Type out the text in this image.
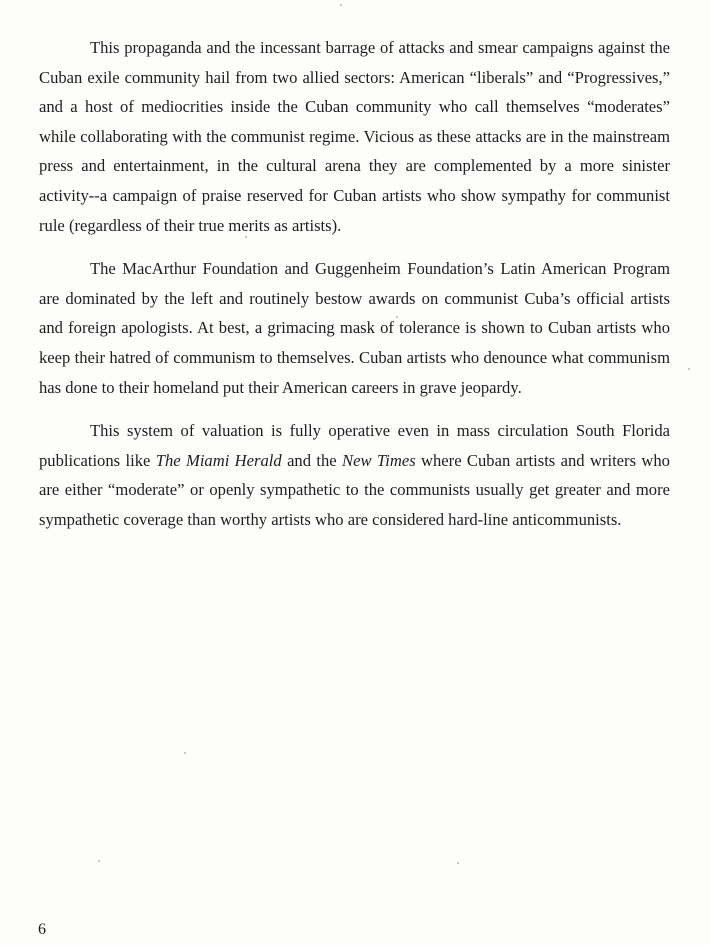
This propaganda and the incessant barrage of attacks and smear campaigns against the Cuban exile community hail from two allied sectors: American “liberals” and “Progressives,” and a host of mediocrities inside the Cuban community who call themselves “moderates” while collaborating with the communist regime. Vicious as these attacks are in the mainstream press and entertainment, in the cultural arena they are complemented by a more sinister activity--a campaign of praise reserved for Cuban artists who show sympathy for communist rule (regardless of their true merits as artists).

The MacArthur Foundation and Guggenheim Foundation’s Latin American Program are dominated by the left and routinely bestow awards on communist Cuba’s official artists and foreign apologists. At best, a grimacing mask of tolerance is shown to Cuban artists who keep their hatred of communism to themselves. Cuban artists who denounce what communism has done to their homeland put their American careers in grave jeopardy.

This system of valuation is fully operative even in mass circulation South Florida publications like The Miami Herald and the New Times where Cuban artists and writers who are either “moderate” or openly sympathetic to the communists usually get greater and more sympathetic coverage than worthy artists who are considered hard-line anticommunists.

6
